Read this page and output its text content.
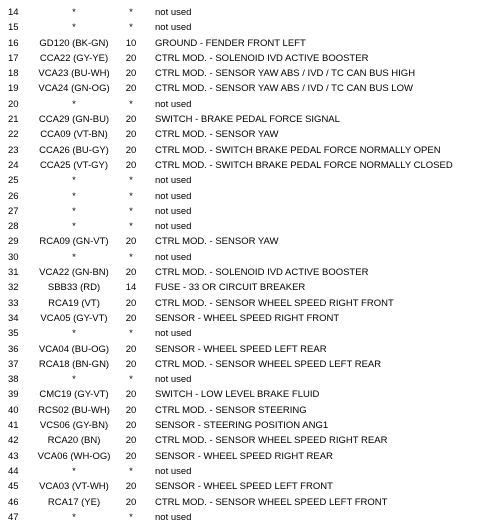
14	*	*	not used
15	*	*	not used
16	GD120 (BK-GN)	10	GROUND - FENDER FRONT LEFT
17	CCA22 (GY-YE)	20	CTRL MOD. - SOLENOID IVD ACTIVE BOOSTER
18	VCA23 (BU-WH)	20	CTRL MOD. - SENSOR YAW ABS / IVD / TC CAN BUS HIGH
19	VCA24 (GN-OG)	20	CTRL MOD. - SENSOR YAW ABS / IVD / TC CAN BUS LOW
20	*	*	not used
21	CCA29 (GN-BU)	20	SWITCH - BRAKE PEDAL FORCE SIGNAL
22	CCA09 (VT-BN)	20	CTRL MOD. - SENSOR YAW
23	CCA26 (BU-GY)	20	CTRL MOD. - SWITCH BRAKE PEDAL FORCE NORMALLY OPEN
24	CCA25 (VT-GY)	20	CTRL MOD. - SWITCH BRAKE PEDAL FORCE NORMALLY CLOSED
25	*	*	not used
26	*	*	not used
27	*	*	not used
28	*	*	not used
29	RCA09 (GN-VT)	20	CTRL MOD. - SENSOR YAW
30	*	*	not used
31	VCA22 (GN-BN)	20	CTRL MOD. - SOLENOID IVD ACTIVE BOOSTER
32	SBB33 (RD)	14	FUSE - 33 OR CIRCUIT BREAKER
33	RCA19 (VT)	20	CTRL MOD. - SENSOR WHEEL SPEED RIGHT FRONT
34	VCA05 (GY-VT)	20	SENSOR - WHEEL SPEED RIGHT FRONT
35	*	*	not used
36	VCA04 (BU-OG)	20	SENSOR - WHEEL SPEED LEFT REAR
37	RCA18 (BN-GN)	20	CTRL MOD. - SENSOR WHEEL SPEED LEFT REAR
38	*	*	not used
39	CMC19 (GY-VT)	20	SWITCH - LOW LEVEL BRAKE FLUID
40	RCS02 (BU-WH)	20	CTRL MOD. - SENSOR STEERING
41	VCS06 (GY-BN)	20	SENSOR - STEERING POSITION ANG1
42	RCA20 (BN)	20	CTRL MOD. - SENSOR WHEEL SPEED RIGHT REAR
43	VCA06 (WH-OG)	20	SENSOR - WHEEL SPEED RIGHT REAR
44	*	*	not used
45	VCA03 (VT-WH)	20	SENSOR - WHEEL SPEED LEFT FRONT
46	RCA17 (YE)	20	CTRL MOD. - SENSOR WHEEL SPEED LEFT FRONT
47	*	*	not used
